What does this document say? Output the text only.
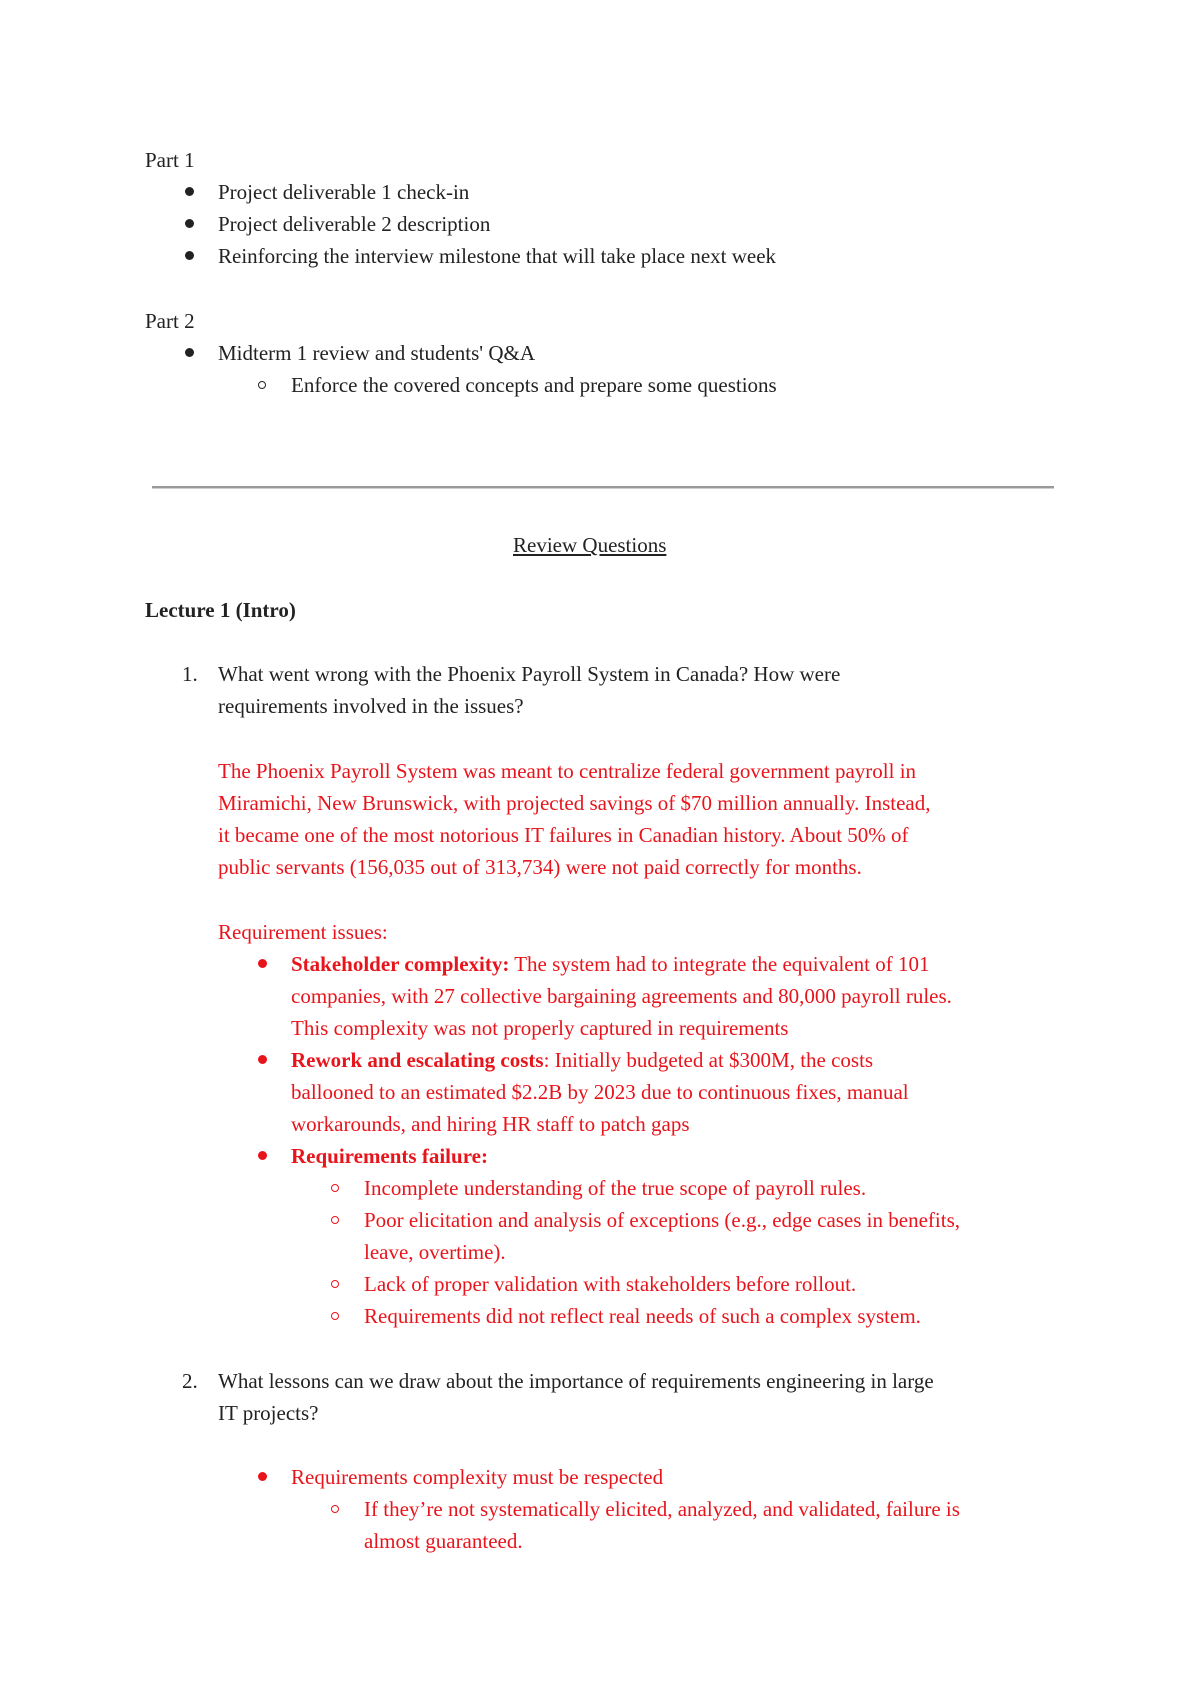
Part 1
Project deliverable 1 check-in
Project deliverable 2 description
Reinforcing the interview milestone that will take place next week
Part 2
Midterm 1 review and students' Q&A
Enforce the covered concepts and prepare some questions
Review Questions
Lecture 1 (Intro)
1. What went wrong with the Phoenix Payroll System in Canada? How were
requirements involved in the issues?
The Phoenix Payroll System was meant to centralize federal government payroll in
Miramichi, New Brunswick, with projected savings of $70 million annually. Instead,
it became one of the most notorious IT failures in Canadian history. About 50% of
public servants (156,035 out of 313,734) were not paid correctly for months.
Requirement issues:
Stakeholder complexity: The system had to integrate the equivalent of 101
companies, with 27 collective bargaining agreements and 80,000 payroll rules.
This complexity was not properly captured in requirements
Rework and escalating costs: Initially budgeted at $300M, the costs
ballooned to an estimated $2.2B by 2023 due to continuous fixes, manual
workarounds, and hiring HR staff to patch gaps
Requirements failure:
Incomplete understanding of the true scope of payroll rules.
Poor elicitation and analysis of exceptions (e.g., edge cases in benefits,
leave, overtime).
Lack of proper validation with stakeholders before rollout.
Requirements did not reflect real needs of such a complex system.
2. What lessons can we draw about the importance of requirements engineering in large
IT projects?
Requirements complexity must be respected
If they’re not systematically elicited, analyzed, and validated, failure is
almost guaranteed.
